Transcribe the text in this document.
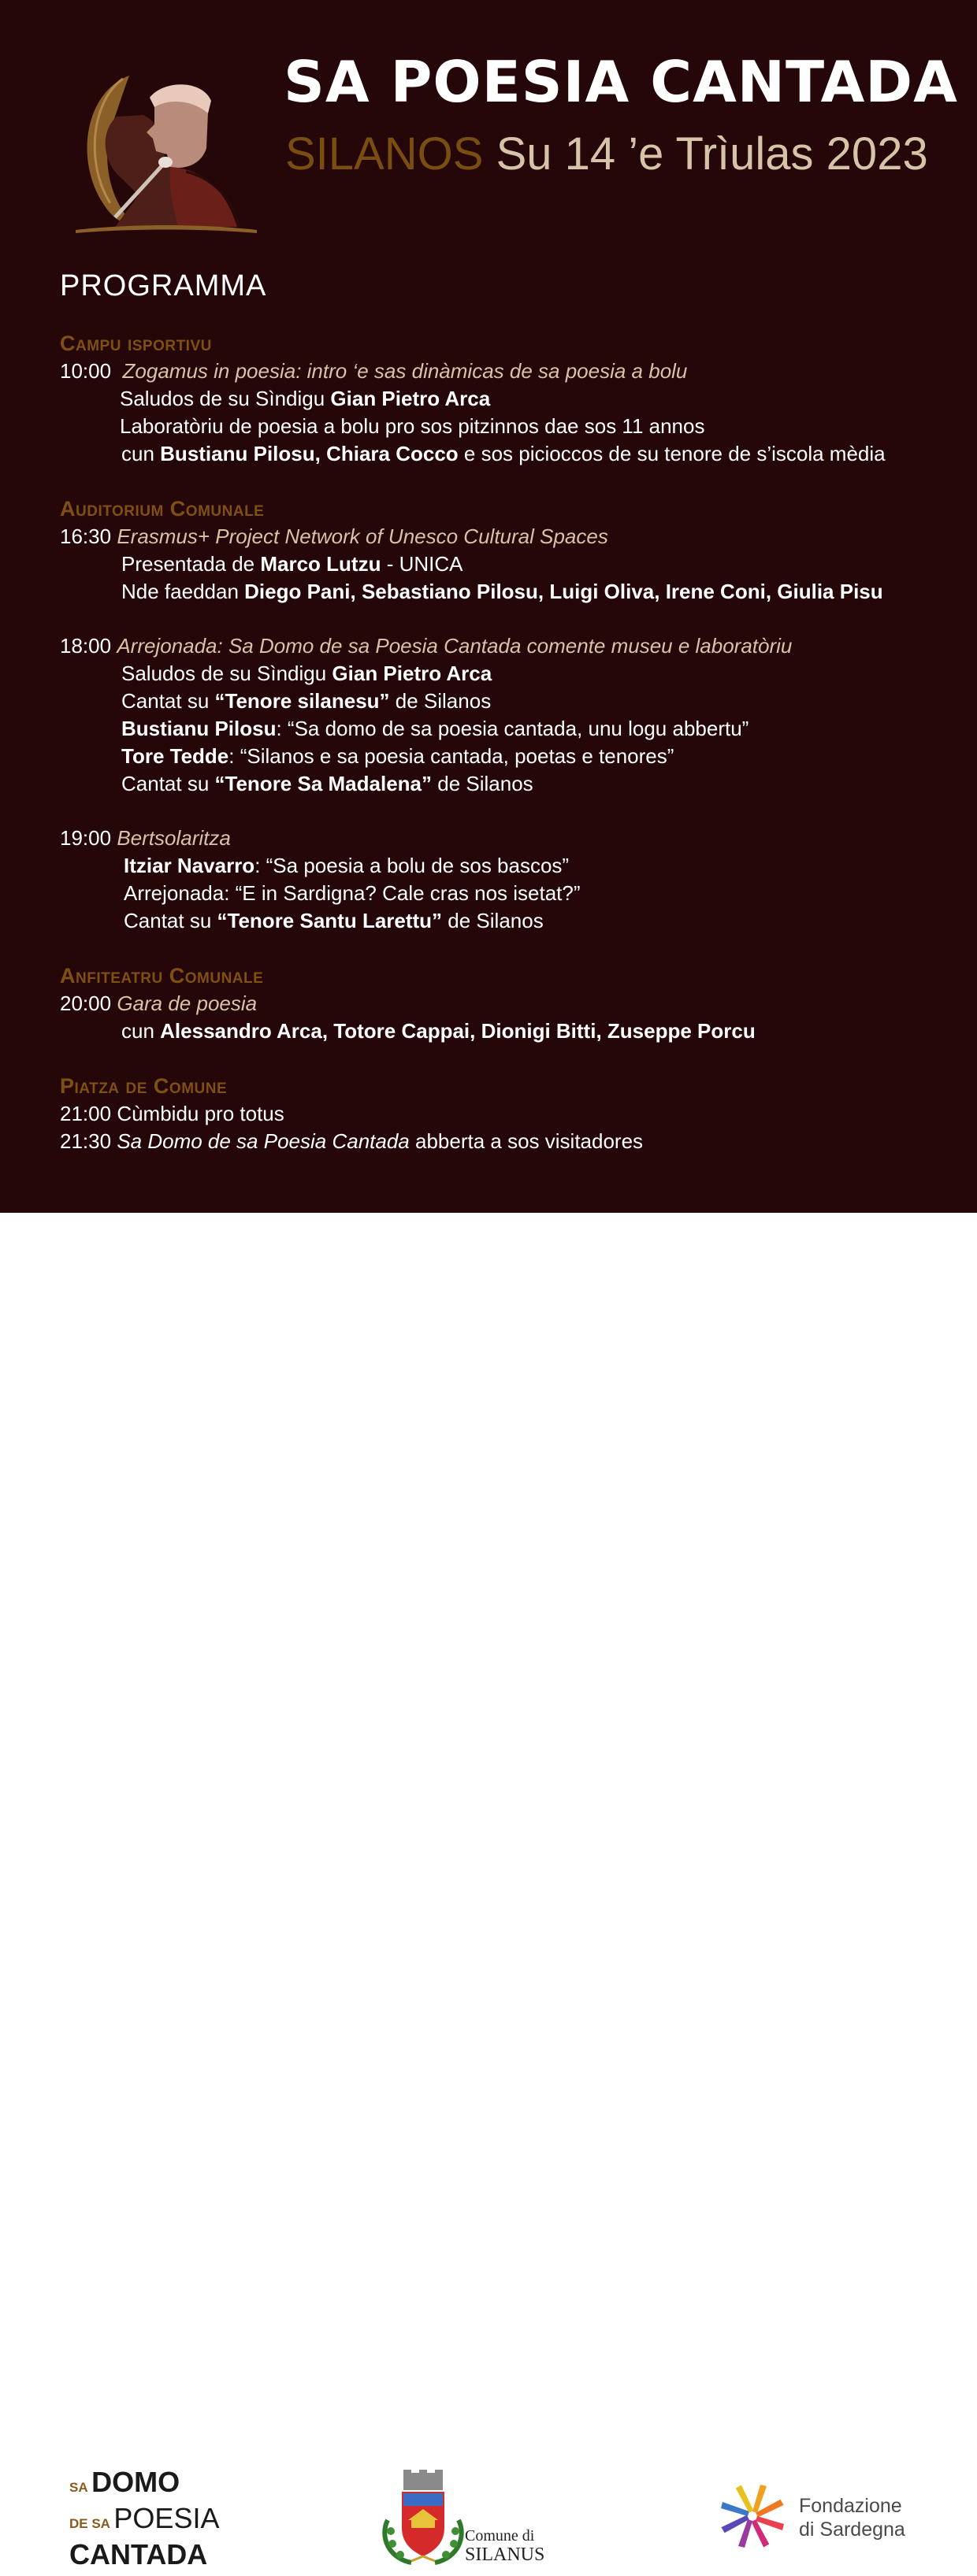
SA POESIA CANTADA
SILANOS Su 14 ’e Trìulas 2023
PROGRAMMA
Campu isportivu
10:00 Zogamus in poesia: intro ‘e sas dinàmicas de sa poesia a bolu
Saludos de su Sìndigu Gian Pietro Arca
Laboratòriu de poesia a bolu pro sos pitzinnos dae sos 11 annos
cun Bustianu Pilosu, Chiara Cocco e sos picioccos de su tenore de s’iscola mèdia
Auditorium Comunale
16:30 Erasmus+ Project Network of Unesco Cultural Spaces
Presentada de Marco Lutzu - UNICA
Nde faeddan Diego Pani, Sebastiano Pilosu, Luigi Oliva, Irene Coni, Giulia Pisu
18:00 Arrejonada: Sa Domo de sa Poesia Cantada comente museu e laboratòriu
Saludos de su Sìndigu Gian Pietro Arca
Cantat su “Tenore silanesu” de Silanos
Bustianu Pilosu: “Sa domo de sa poesia cantada, unu logu abbertu”
Tore Tedde: “Silanos e sa poesia cantada, poetas e tenores”
Cantat su “Tenore Sa Madalena” de Silanos
19:00 Bertsolaritza
Itziar Navarro: “Sa poesia a bolu de sos bascos”
Arrejonada: “E in Sardigna? Cale cras nos isetat?”
Cantat su “Tenore Santu Larettu” de Silanos
Anfiteatru Comunale
20:00 Gara de poesia
cun Alessandro Arca, Totore Cappai, Dionigi Bitti, Zuseppe Porcu
Piatza de Comune
21:00 Cùmbidu pro totus
21:30 Sa Domo de sa Poesia Cantada abberta a sos visitadores
SA DOMO
DE SA POESIA
CANTADA
Comune di
SILANUS
Fondazione
di Sardegna
